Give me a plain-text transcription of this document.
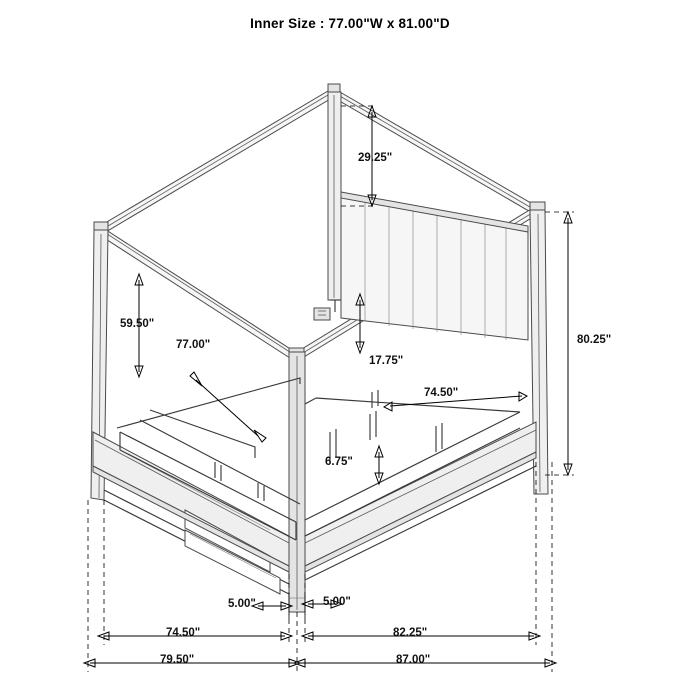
Inner Size : 77.00"W x 81.00"D
29.25"
59.50"
77.00"	80.25"
17.75"
74.50"
6.75"
5.00"	5.00"
74.50"	82.25"
79.50"	87.00"
